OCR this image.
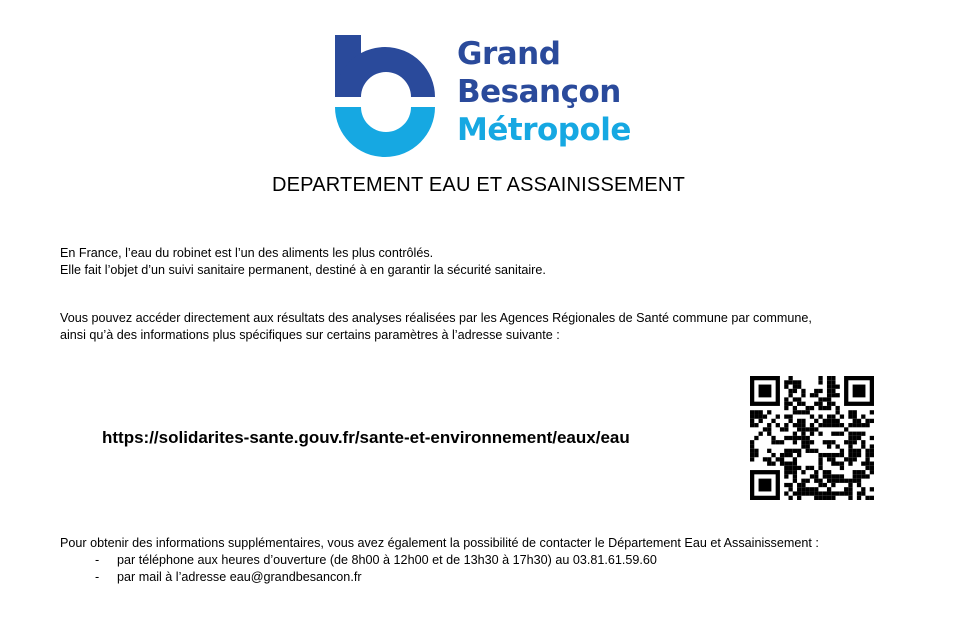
Grand
Besançon
Métropole
DEPARTEMENT EAU ET ASSAINISSEMENT
En France, l’eau du robinet est l’un des aliments les plus contrôlés.
Elle fait l’objet d’un suivi sanitaire permanent, destiné à en garantir la sécurité sanitaire.
Vous pouvez accéder directement aux résultats des analyses réalisées par les Agences Régionales de Santé commune par commune,
ainsi qu’à des informations plus spécifiques sur certains paramètres à l’adresse suivante :
https://solidarites-sante.gouv.fr/sante-et-environnement/eaux/eau
Pour obtenir des informations supplémentaires, vous avez également la possibilité de contacter le Département Eau et Assainissement :
- par téléphone aux heures d’ouverture (de 8h00 à 12h00 et de 13h30 à 17h30) au 03.81.61.59.60
- par mail à l’adresse eau@grandbesancon.fr
